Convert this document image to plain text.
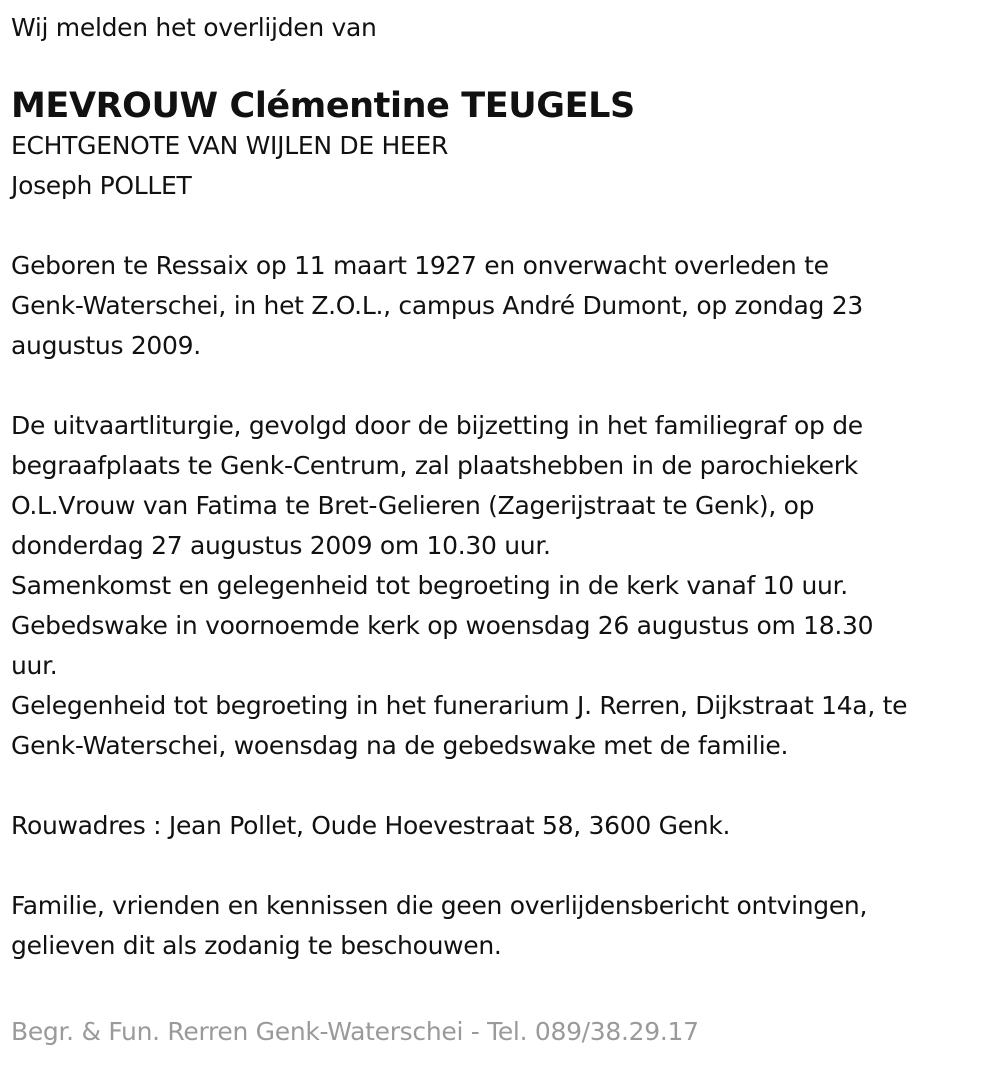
Wij melden het overlijden van
MEVROUW Clémentine TEUGELS
ECHTGENOTE VAN WIJLEN DE HEER
Joseph POLLET
Geboren te Ressaix op 11 maart 1927 en onverwacht overleden te
Genk-Waterschei, in het Z.O.L., campus André Dumont, op zondag 23
augustus 2009.
De uitvaartliturgie, gevolgd door de bijzetting in het familiegraf op de
begraafplaats te Genk-Centrum, zal plaatshebben in de parochiekerk
O.L.Vrouw van Fatima te Bret-Gelieren (Zagerijstraat te Genk), op
donderdag 27 augustus 2009 om 10.30 uur.
Samenkomst en gelegenheid tot begroeting in de kerk vanaf 10 uur.
Gebedswake in voornoemde kerk op woensdag 26 augustus om 18.30
uur.
Gelegenheid tot begroeting in het funerarium J. Rerren, Dijkstraat 14a, te
Genk-Waterschei, woensdag na de gebedswake met de familie.
Rouwadres : Jean Pollet, Oude Hoevestraat 58, 3600 Genk.
Familie, vrienden en kennissen die geen overlijdensbericht ontvingen,
gelieven dit als zodanig te beschouwen.
Begr. & Fun. Rerren Genk-Waterschei - Tel. 089/38.29.17
